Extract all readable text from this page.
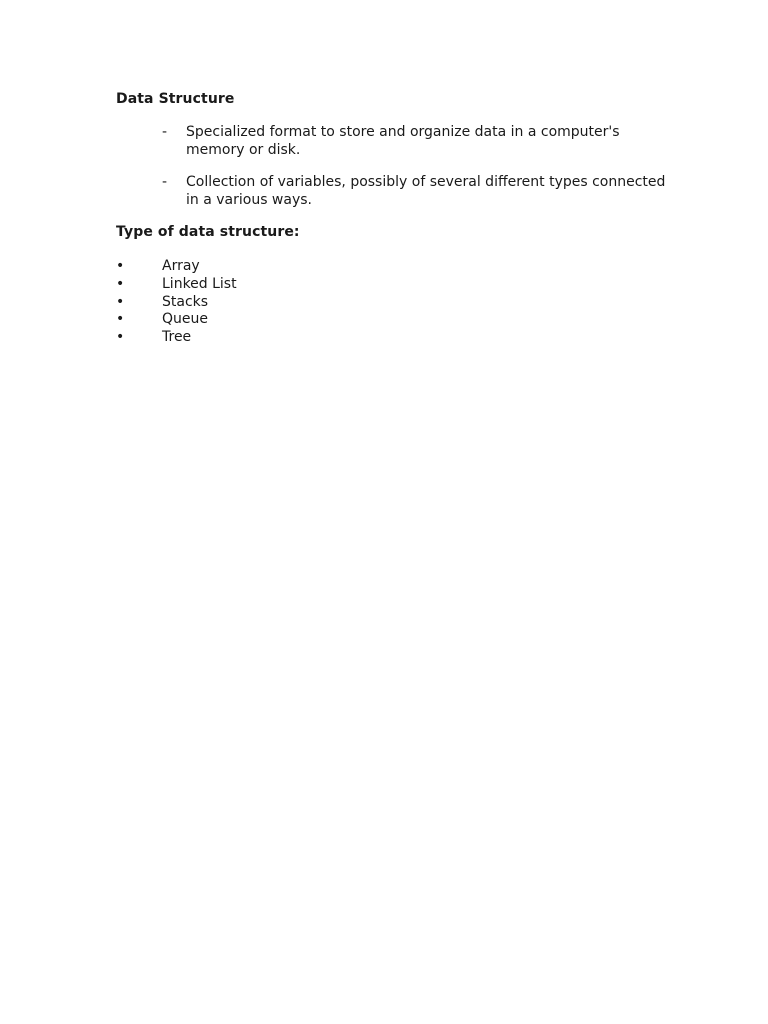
Data Structure
- Specialized format to store and organize data in a computer's memory or disk.
- Collection of variables, possibly of several different types connected in a various ways.
Type of data structure:
•	Array
•	Linked List
•	Stacks
•	Queue
•	Tree
